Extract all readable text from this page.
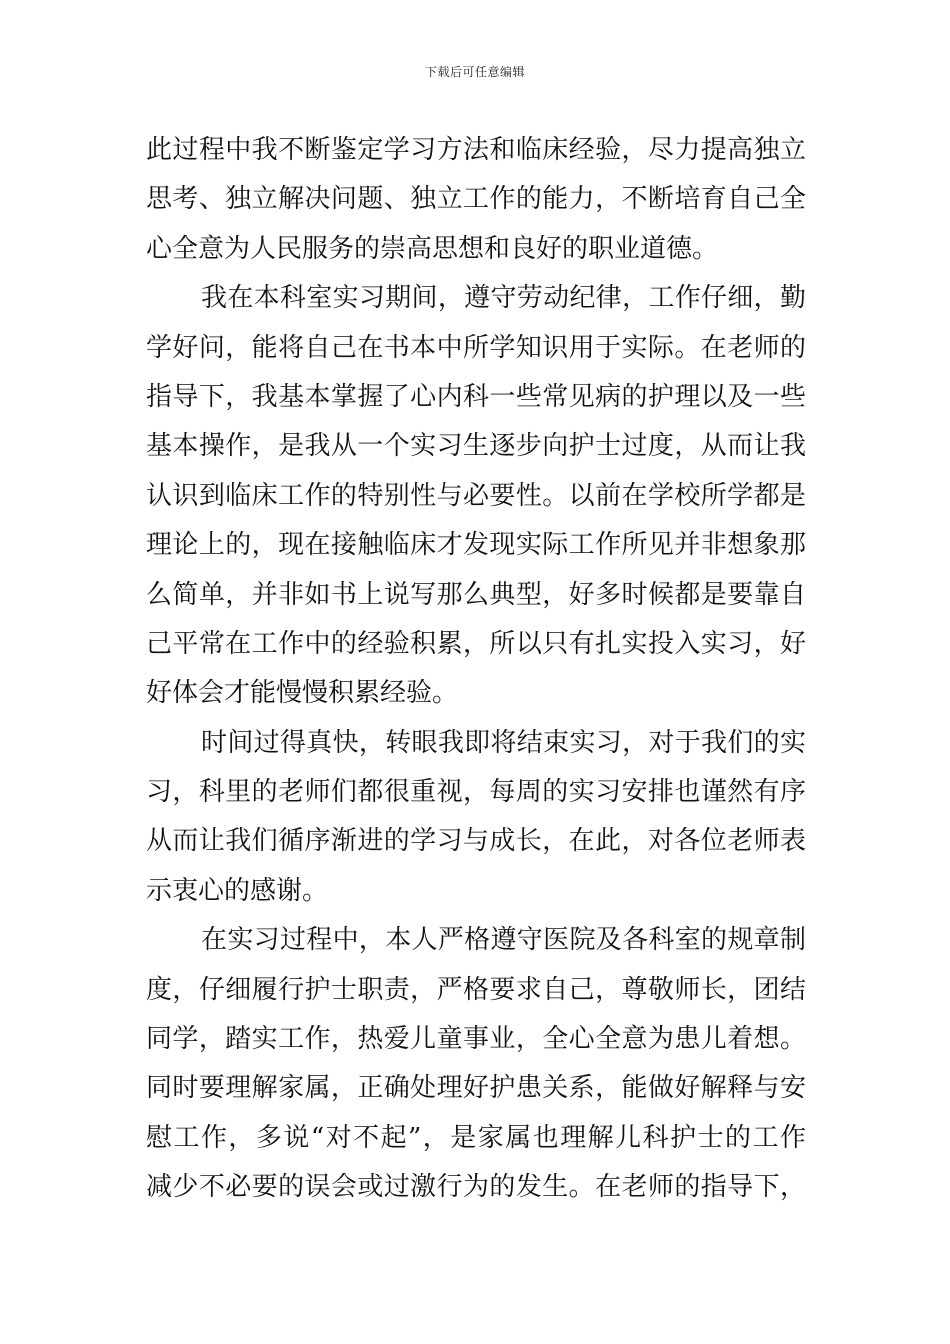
下载后可任意编辑
此过程中我不断鉴定学习方法和临床经验，尽力提高独立
思考、独立解决问题、独立工作的能力，不断培育自己全
心全意为人民服务的崇高思想和良好的职业道德。
我在本科室实习期间，遵守劳动纪律，工作仔细，勤
学好问，能将自己在书本中所学知识用于实际。在老师的
指导下，我基本掌握了心内科一些常见病的护理以及一些
基本操作，是我从一个实习生逐步向护士过度，从而让我
认识到临床工作的特别性与必要性。以前在学校所学都是
理论上的，现在接触临床才发现实际工作所见并非想象那
么简单，并非如书上说写那么典型，好多时候都是要靠自
己平常在工作中的经验积累，所以只有扎实投入实习，好
好体会才能慢慢积累经验。
时间过得真快，转眼我即将结束实习，对于我们的实
习，科里的老师们都很重视，每周的实习安排也谨然有序
从而让我们循序渐进的学习与成长，在此，对各位老师表
示衷心的感谢。
在实习过程中，本人严格遵守医院及各科室的规章制
度，仔细履行护士职责，严格要求自己，尊敬师长，团结
同学，踏实工作，热爱儿童事业，全心全意为患儿着想。
同时要理解家属，正确处理好护患关系，能做好解释与安
慰工作，多说“对不起”，是家属也理解儿科护士的工作
减少不必要的误会或过激行为的发生。在老师的指导下，
